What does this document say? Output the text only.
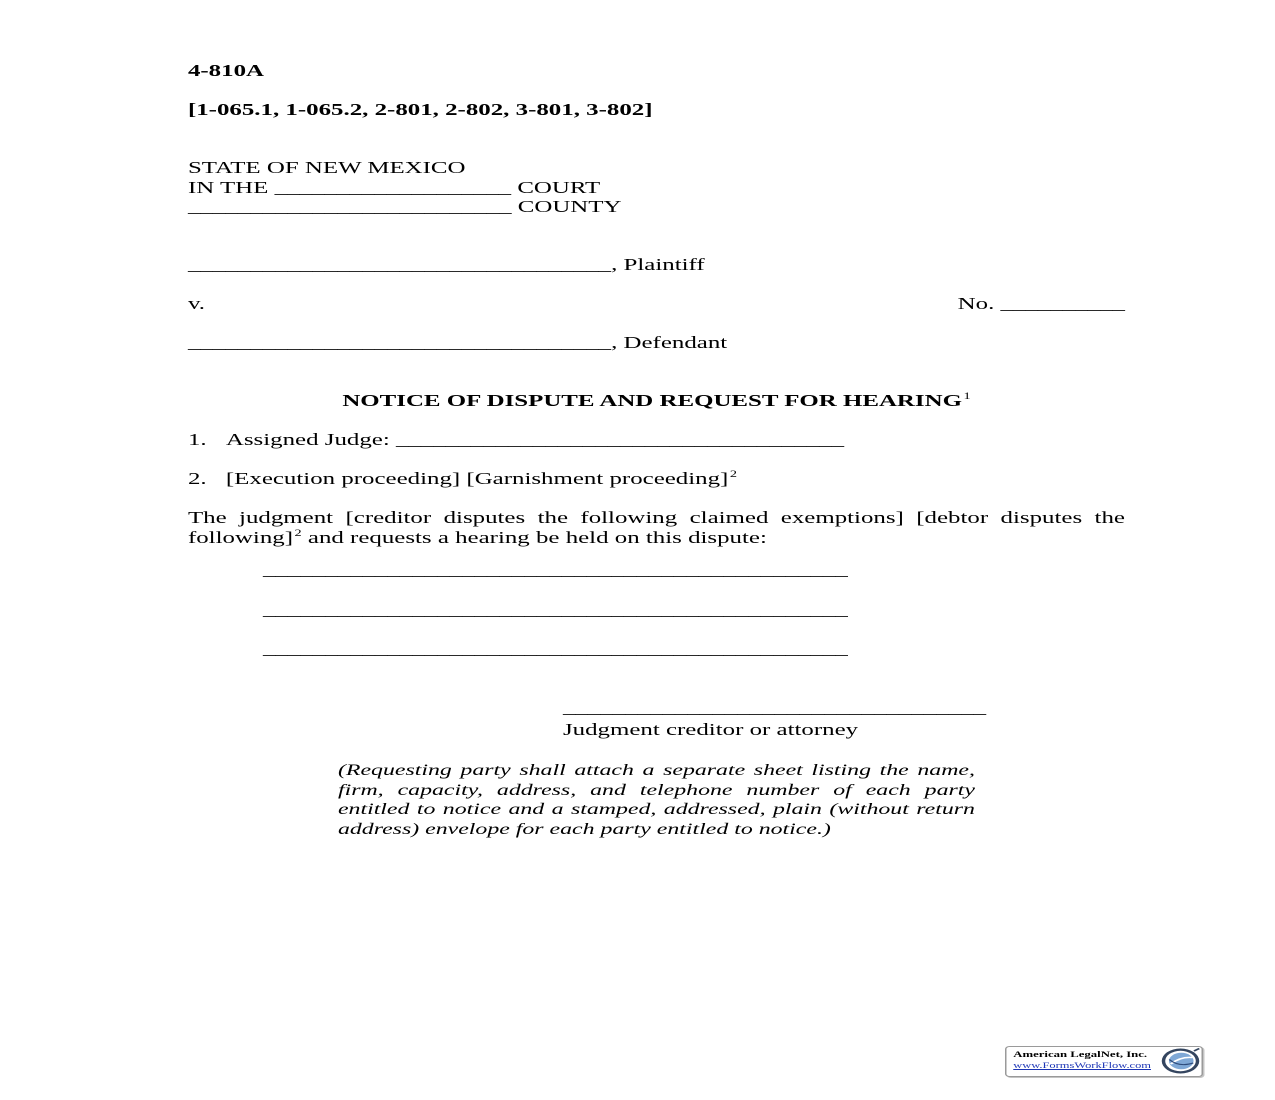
4-810A
[1-065.1, 1-065.2, 2-801, 2-802, 3-801, 3-802]
STATE OF NEW MEXICO
IN THE ___________________ COURT
__________________________ COUNTY
__________________________________, Plaintiff
v.	No. __________
__________________________________, Defendant
NOTICE OF DISPUTE AND REQUEST FOR HEARING $^1$
1. Assigned Judge: ____________________________________
2. [Execution proceeding] [Garnishment proceeding] $^2$
The judgment [creditor disputes the following claimed exemptions] [debtor disputes the
following] $^2$ and requests a hearing be held on this dispute:
_______________________________________________
_______________________________________________
_______________________________________________
__________________________________
Judgment creditor or attorney
(Requesting party shall attach a separate sheet listing the name,
firm, capacity, address, and telephone number of each party
entitled to notice and a stamped, addressed, plain (without return
address) envelope for each party entitled to notice.)
American LegalNet, Inc.
www.FormsWorkFlow.com
